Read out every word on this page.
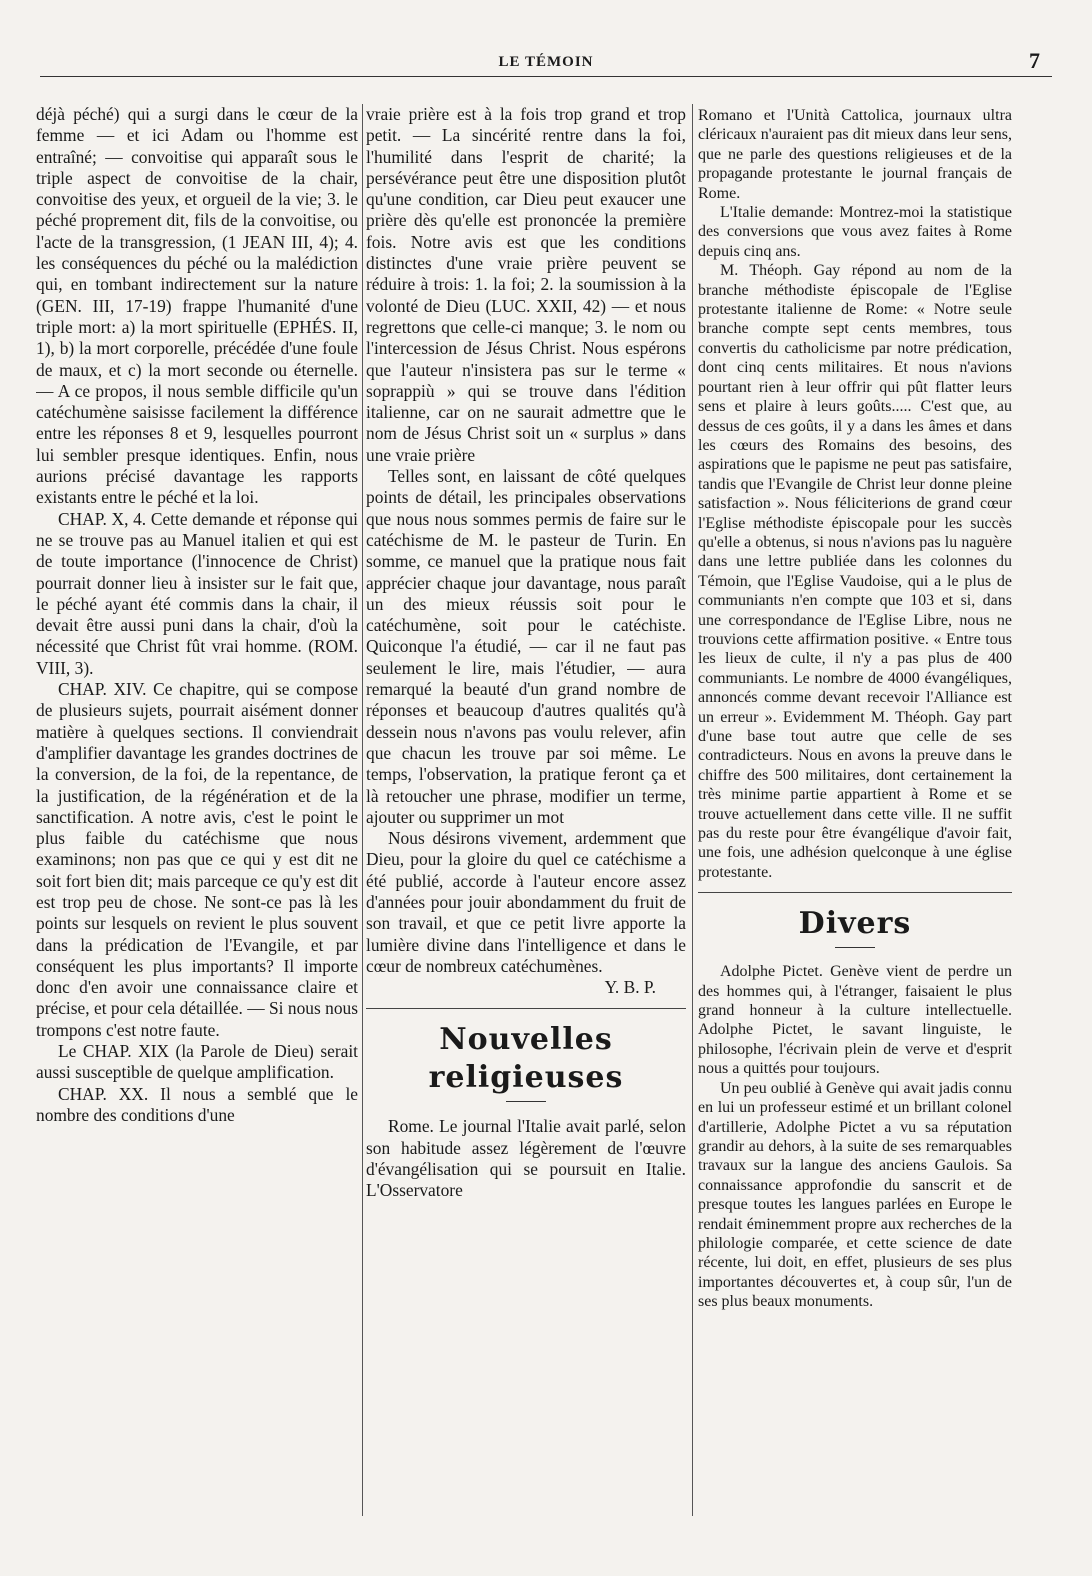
LE TÉMOIN	7

déjà péché) qui a surgi dans le cœur de la femme — et ici Adam ou l'homme est entraîné; — convoitise qui apparaît sous le triple aspect de convoitise de la chair, convoitise des yeux, et orgueil de la vie; 3. le péché proprement dit, fils de la convoitise, ou l'acte de la transgression, (1 JEAN III, 4); 4. les conséquences du péché ou la malédiction qui, en tombant indirectement sur la nature (GEN. III, 17-19) frappe l'humanité d'une triple mort: a) la mort spirituelle (EPHÉS. II, 1), b) la mort corporelle, précédée d'une foule de maux, et c) la mort seconde ou éternelle. — A ce propos, il nous semble difficile qu'un catéchumène saisisse facilement la différence entre les réponses 8 et 9, lesquelles pourront lui sembler presque identiques. Enfin, nous aurions précisé davantage les rapports existants entre le péché et la loi.

CHAP. X, 4. Cette demande et réponse qui ne se trouve pas au Manuel italien et qui est de toute importance (l'innocence de Christ) pourrait donner lieu à insister sur le fait que, le péché ayant été commis dans la chair, il devait être aussi puni dans la chair, d'où la nécessité que Christ fût vrai homme. (ROM. VIII, 3).

CHAP. XIV. Ce chapitre, qui se compose de plusieurs sujets, pourrait aisément donner matière à quelques sections. Il conviendrait d'amplifier davantage les grandes doctrines de la conversion, de la foi, de la repentance, de la justification, de la régénération et de la sanctification. A notre avis, c'est le point le plus faible du catéchisme que nous examinons; non pas que ce qui y est dit ne soit fort bien dit; mais parceque ce qu'y est dit est trop peu de chose. Ne sont-ce pas là les points sur lesquels on revient le plus souvent dans la prédication de l'Evangile, et par conséquent les plus importants? Il importe donc d'en avoir une connaissance claire et précise, et pour cela détaillée. — Si nous nous trompons c'est notre faute.

Le CHAP. XIX (la Parole de Dieu) serait aussi susceptible de quelque amplification.

CHAP. XX. Il nous a semblé que le nombre des conditions d'une

vraie prière est à la fois trop grand et trop petit. — La sincérité rentre dans la foi, l'humilité dans l'esprit de charité; la persévérance peut être une disposition plutôt qu'une condition, car Dieu peut exaucer une prière dès qu'elle est prononcée la première fois. Notre avis est que les conditions distinctes d'une vraie prière peuvent se réduire à trois: 1. la foi; 2. la soumission à la volonté de Dieu (LUC. XXII, 42) — et nous regrettons que celle-ci manque; 3. le nom ou l'intercession de Jésus Christ. Nous espérons que l'auteur n'insistera pas sur le terme « soprappiù » qui se trouve dans l'édition italienne, car on ne saurait admettre que le nom de Jésus Christ soit un « surplus » dans une vraie prière

Telles sont, en laissant de côté quelques points de détail, les principales observations que nous nous sommes permis de faire sur le catéchisme de M. le pasteur de Turin. En somme, ce manuel que la pratique nous fait apprécier chaque jour davantage, nous paraît un des mieux réussis soit pour le catéchumène, soit pour le catéchiste. Quiconque l'a étudié, — car il ne faut pas seulement le lire, mais l'étudier, — aura remarqué la beauté d'un grand nombre de réponses et beaucoup d'autres qualités qu'à dessein nous n'avons pas voulu relever, afin que chacun les trouve par soi même. Le temps, l'observation, la pratique feront ça et là retoucher une phrase, modifier un terme, ajouter ou supprimer un mot

Nous désirons vivement, ardemment que Dieu, pour la gloire du quel ce catéchisme a été publié, accorde à l'auteur encore assez d'années pour jouir abondamment du fruit de son travail, et que ce petit livre apporte la lumière divine dans l'intelligence et dans le cœur de nombreux catéchumènes.

Y. B. P.
Nouvelles religieuses

Rome. Le journal l'Italie avait parlé, selon son habitude assez légèrement de l'œuvre d'évangélisation qui se poursuit en Italie. L'Osservatore

Romano et l'Unità Cattolica, journaux ultra cléricaux n'auraient pas dit mieux dans leur sens, que ne parle des questions religieuses et de la propagande protestante le journal français de Rome.

L'Italie demande: Montrez-moi la statistique des conversions que vous avez faites à Rome depuis cinq ans.

M. Théoph. Gay répond au nom de la branche méthodiste épiscopale de l'Eglise protestante italienne de Rome: « Notre seule branche compte sept cents membres, tous convertis du catholicisme par notre prédication, dont cinq cents militaires. Et nous n'avions pourtant rien à leur offrir qui pût flatter leurs sens et plaire à leurs goûts..... C'est que, au dessus de ces goûts, il y a dans les âmes et dans les cœurs des Romains des besoins, des aspirations que le papisme ne peut pas satisfaire, tandis que l'Evangile de Christ leur donne pleine satisfaction ». Nous féliciterions de grand cœur l'Eglise méthodiste épiscopale pour les succès qu'elle a obtenus, si nous n'avions pas lu naguère dans une lettre publiée dans les colonnes du Témoin, que l'Eglise Vaudoise, qui a le plus de communiants n'en compte que 103 et si, dans une correspondance de l'Eglise Libre, nous ne trouvions cette affirmation positive. « Entre tous les lieux de culte, il n'y a pas plus de 400 communiants. Le nombre de 4000 évangéliques, annoncés comme devant recevoir l'Alliance est un erreur ». Evidemment M. Théoph. Gay part d'une base tout autre que celle de ses contradicteurs. Nous en avons la preuve dans le chiffre des 500 militaires, dont certainement la très minime partie appartient à Rome et se trouve actuellement dans cette ville. Il ne suffit pas du reste pour être évangélique d'avoir fait, une fois, une adhésion quelconque à une église protestante.

Divers

Adolphe Pictet. Genève vient de perdre un des hommes qui, à l'étranger, faisaient le plus grand honneur à la culture intellectuelle. Adolphe Pictet, le savant linguiste, le philosophe, l'écrivain plein de verve et d'esprit nous a quittés pour toujours.

Un peu oublié à Genève qui avait jadis connu en lui un professeur estimé et un brillant colonel d'artillerie, Adolphe Pictet a vu sa réputation grandir au dehors, à la suite de ses remarquables travaux sur la langue des anciens Gaulois. Sa connaissance approfondie du sanscrit et de presque toutes les langues parlées en Europe le rendait éminemment propre aux recherches de la philologie comparée, et cette science de date récente, lui doit, en effet, plusieurs de ses plus importantes découvertes et, à coup sûr, l'un de ses plus beaux monuments.
